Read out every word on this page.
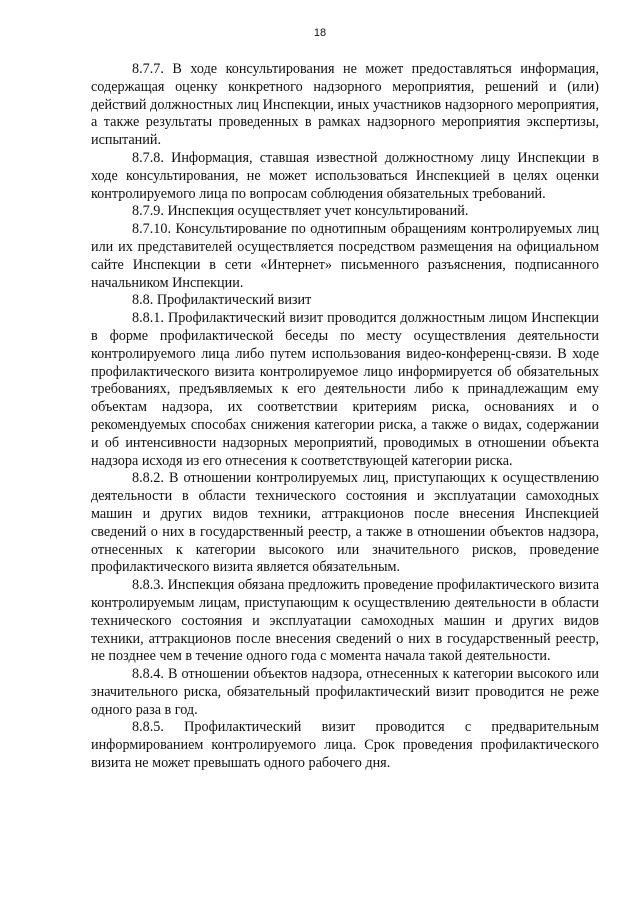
18

8.7.7. В ходе консультирования не может предоставляться информация, содержащая оценку конкретного надзорного мероприятия, решений и (или) действий должностных лиц Инспекции, иных участников надзорного мероприятия, а также результаты проведенных в рамках надзорного мероприятия экспертизы, испытаний.

8.7.8. Информация, ставшая известной должностному лицу Инспекции в ходе консультирования, не может использоваться Инспекцией в целях оценки контролируемого лица по вопросам соблюдения обязательных требований.

8.7.9. Инспекция осуществляет учет консультирований.

8.7.10. Консультирование по однотипным обращениям контролируемых лиц или их представителей осуществляется посредством размещения на официальном сайте Инспекции в сети «Интернет» письменного разъяснения, подписанного начальником Инспекции.

8.8. Профилактический визит

8.8.1. Профилактический визит проводится должностным лицом Инспекции в форме профилактической беседы по месту осуществления деятельности контролируемого лица либо путем использования видео-конференц-связи. В ходе профилактического визита контролируемое лицо информируется об обязательных требованиях, предъявляемых к его деятельности либо к принадлежащим ему объектам надзора, их соответствии критериям риска, основаниях и о рекомендуемых способах снижения категории риска, а также о видах, содержании и об интенсивности надзорных мероприятий, проводимых в отношении объекта надзора исходя из его отнесения к соответствующей категории риска.

8.8.2. В отношении контролируемых лиц, приступающих к осуществлению деятельности в области технического состояния и эксплуатации самоходных машин и других видов техники, аттракционов после внесения Инспекцией сведений о них в государственный реестр, а также в отношении объектов надзора, отнесенных к категории высокого или значительного рисков, проведение профилактического визита является обязательным.

8.8.3. Инспекция обязана предложить проведение профилактического визита контролируемым лицам, приступающим к осуществлению деятельности в области технического состояния и эксплуатации самоходных машин и других видов техники, аттракционов после внесения сведений о них в государственный реестр, не позднее чем в течение одного года с момента начала такой деятельности.

8.8.4. В отношении объектов надзора, отнесенных к категории высокого или значительного риска, обязательный профилактический визит проводится не реже одного раза в год.

8.8.5. Профилактический визит проводится с предварительным информированием контролируемого лица. Срок проведения профилактического визита не может превышать одного рабочего дня.
